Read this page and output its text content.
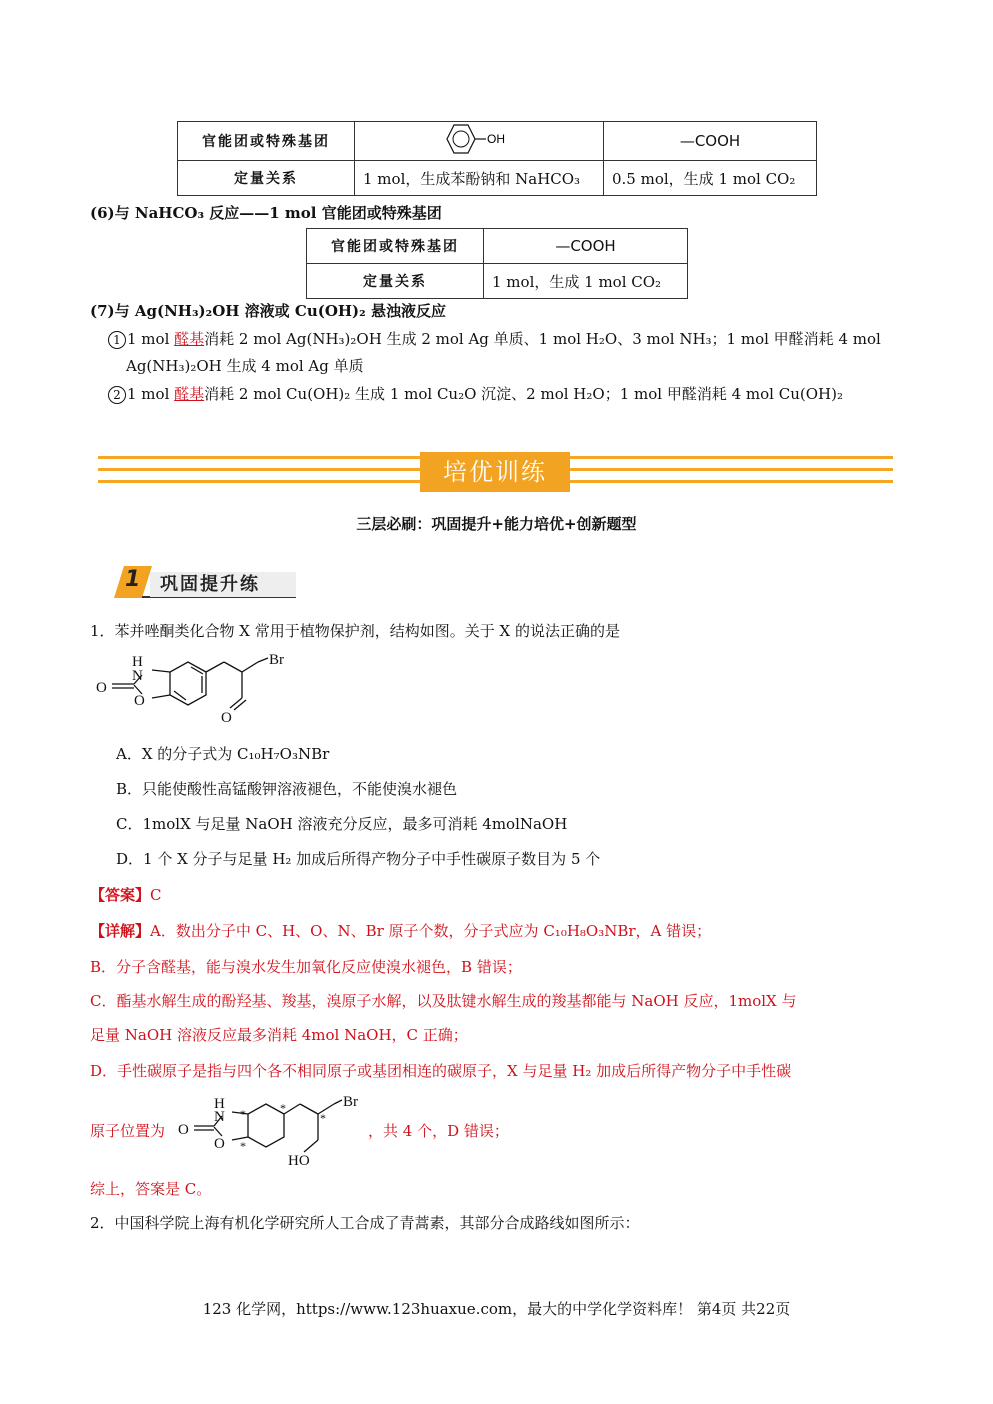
官能团或特殊基团	OH	—COOH
定量关系	1 mol，生成苯酚钠和 NaHCO₃	0.5 mol，生成 1 mol CO₂
(6)与 NaHCO₃ 反应——1 mol 官能团或特殊基团
官能团或特殊基团	—COOH
定量关系	1 mol，生成 1 mol CO₂
(7)与 Ag(NH₃)₂OH 溶液或 Cu(OH)₂ 悬浊液反应
1 1 mol 醛基消耗 2 mol Ag(NH₃)₂OH 生成 2 mol Ag 单质、1 mol H₂O、3 mol NH₃；1 mol 甲醛消耗 4 mol
Ag(NH₃)₂OH 生成 4 mol Ag 单质
2 1 mol 醛基消耗 2 mol Cu(OH)₂ 生成 1 mol Cu₂O 沉淀、2 mol H₂O；1 mol 甲醛消耗 4 mol Cu(OH)₂
培优训练
三层必刷：巩固提升+能力培优+创新题型
1 巩固提升练
1．苯并唑酮类化合物 X 常用于植物保护剂，结构如图。关于 X 的说法正确的是
H
N
O
O
Br
O
A．X 的分子式为 C₁₀H₇O₃NBr
B．只能使酸性高锰酸钾溶液褪色，不能使溴水褪色
C．1molX 与足量 NaOH 溶液充分反应，最多可消耗 4molNaOH
D．1 个 X 分子与足量 H₂ 加成后所得产物分子中手性碳原子数目为 5 个
【答案】C
【详解】A．数出分子中 C、H、O、N、Br 原子个数，分子式应为 C₁₀H₈O₃NBr，A 错误；
B．分子含醛基，能与溴水发生加氧化反应使溴水褪色，B 错误；
C．酯基水解生成的酚羟基、羧基，溴原子水解，以及肽键水解生成的羧基都能与 NaOH 反应，1molX 与
足量 NaOH 溶液反应最多消耗 4mol NaOH，C 正确；
D．手性碳原子是指与四个各不相同原子或基团相连的碳原子，X 与足量 H₂ 加成后所得产物分子中手性碳
原子位置为
H
N
O
O
Br
HO
*
*
*
*
，共 4 个，D 错误；
综上，答案是 C。
2．中国科学院上海有机化学研究所人工合成了青蒿素，其部分合成路线如图所示：
123 化学网，https://www.123huaxue.com，最大的中学化学资料库！ 第4页 共22页
